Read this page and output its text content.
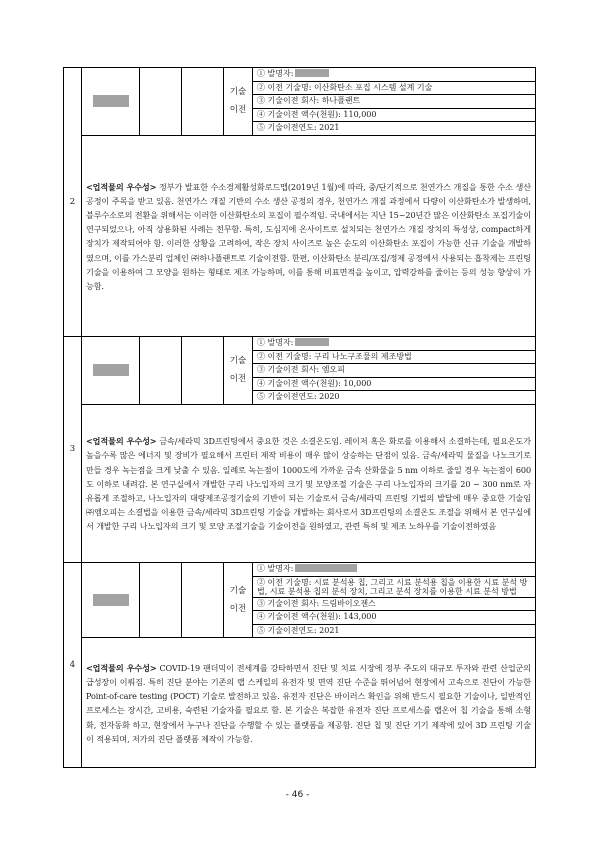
2				기술
이전	① 발명자:
					② 이전 기술명: 이산화탄소 포집 시스템 설계 기술
					③ 기술이전 회사: 하나플랜트
					④ 기술이전 액수(천원): 110,000
					⑤ 기술이전연도: 2021
	<업적물의 우수성> 정부가 발표한 수소경제활성화로드맵(2019년 1월)에 따라, 중/단기적으로 천연가스 개질을 통한 수소 생산 공정이 주목을 받고 있음. 천연가스 개질 기반의 수소 생산 공정의 경우, 천연가스 개질 과정에서 다량이 이산화탄소가 발생하며, 블루수소로의 전환을 위해서는 이러한 이산화탄소의 포집이 필수적임. 국내에서는 지난 15~20년간 많은 이산화탄소 포집기술이 연구되었으나, 아직 상용화된 사례는 전무함. 특히, 도심지에 온사이트로 설치되는 천연가스 개질 장치의 특성상, compact하게 장치가 제작되어야 함. 이러한 상황을 고려하여, 작은 장치 사이즈로 높은 순도의 이산화탄소 포집이 가능한 신규 기술을 개발하였으며, 이를 가스분리 업체인 ㈜하나플랜트로 기술이전함. 한편, 이산화탄소 분리/포집/정제 공정에서 사용되는 흡착제는 프린팅 기술을 이용하여 그 모양을 원하는 형태로 제조 가능하며, 이를 통해 비표면적을 높이고, 압력강하를 줄이는 등의 성능 향상이 가능함.				
3				기술
이전	① 발명자:
					② 이전 기술명: 구리 나노구조물의 제조방법
					③ 기술이전 회사: 엠오피
					④ 기술이전 액수(천원): 10,000
					⑤ 기술이전연도: 2020
	<업적물의 우수성> 금속/세라믹 3D프린팅에서 중요한 것은 소결온도임. 레이저 혹은 화로를 이용해서 소결하는데, 필요온도가 높을수록 많은 에너지 및 장비가 필요해서 프린터 제작 비용이 매우 많이 상승하는 단점이 있음. 금속/세라믹 물질을 나노크기로 만들 경우 녹는점을 크게 낮출 수 있음. 일례로 녹는점이 1000도에 가까운 금속 산화물을 5 nm 이하로 줄일 경우 녹는점이 600도 이하로 내려감. 본 연구실에서 개발한 구리 나노입자의 크기 및 모양조절 기술은 구리 나노입자의 크기를 20 ~ 300 nm로 자유롭게 조절하고, 나노입자의 대량제조공정기술의 기반이 되는 기술로서 금속/세라믹 프린팅 기법의 발달에 매우 중요한 기술임 ㈜엠오피는 소결법을 이용한 금속/세라믹 3D프린팅 기술을 개발하는 회사로서 3D프린팅의 소결온도 조절을 위해서 본 연구실에서 개발한 구리 나노입자의 크기 및 모양 조절기술을 기술이전을 원하였고, 관련 특허 및 제조 노하우를 기술이전하였음				
4				기술
이전	① 발명자:
					② 이전 기술명: 시료 분석용 칩, 그리고 시료 분석용 칩을 이용한 시료 분석 방법, 시료 분석용 칩의 분석 장치, 그리고 분석 장치를 이용한 시료 분석 방법
					③ 기술이전 회사: 드림바이오젠스
					④ 기술이전 액수(천원): 143,000
					⑤ 기술이전연도: 2021
	<업적물의 우수성> COVID-19 팬더믹이 전세계를 강타하면서 진단 및 치료 시장에 정부 주도의 대규모 투자와 관련 산업군의 급성장이 이뤄짐. 특히 진단 분야는 기존의 랩 스케일의 유전자 및 면역 진단 수준을 뛰어넘어 현장에서 고속으로 진단이 가능한 Point-of-care testing (POCT) 기술로 발전하고 있음. 유전자 진단은 바이러스 확인을 위해 반드시 필요한 기술이나, 일반적인 프로세스는 장시간, 고비용, 숙련된 기술자를 필요로 함. 본 기술은 복잡한 유전자 진단 프로세스를 랩온어 칩 기술을 통해 소형화, 전자동화 하고, 현장에서 누구나 진단을 수행할 수 있는 플랫폼을 제공함. 진단 칩 및 진단 기기 제작에 있어 3D 프린팅 기술이 적용되며, 저가의 진단 플랫폼 제작이 가능함.				
- 46 -
